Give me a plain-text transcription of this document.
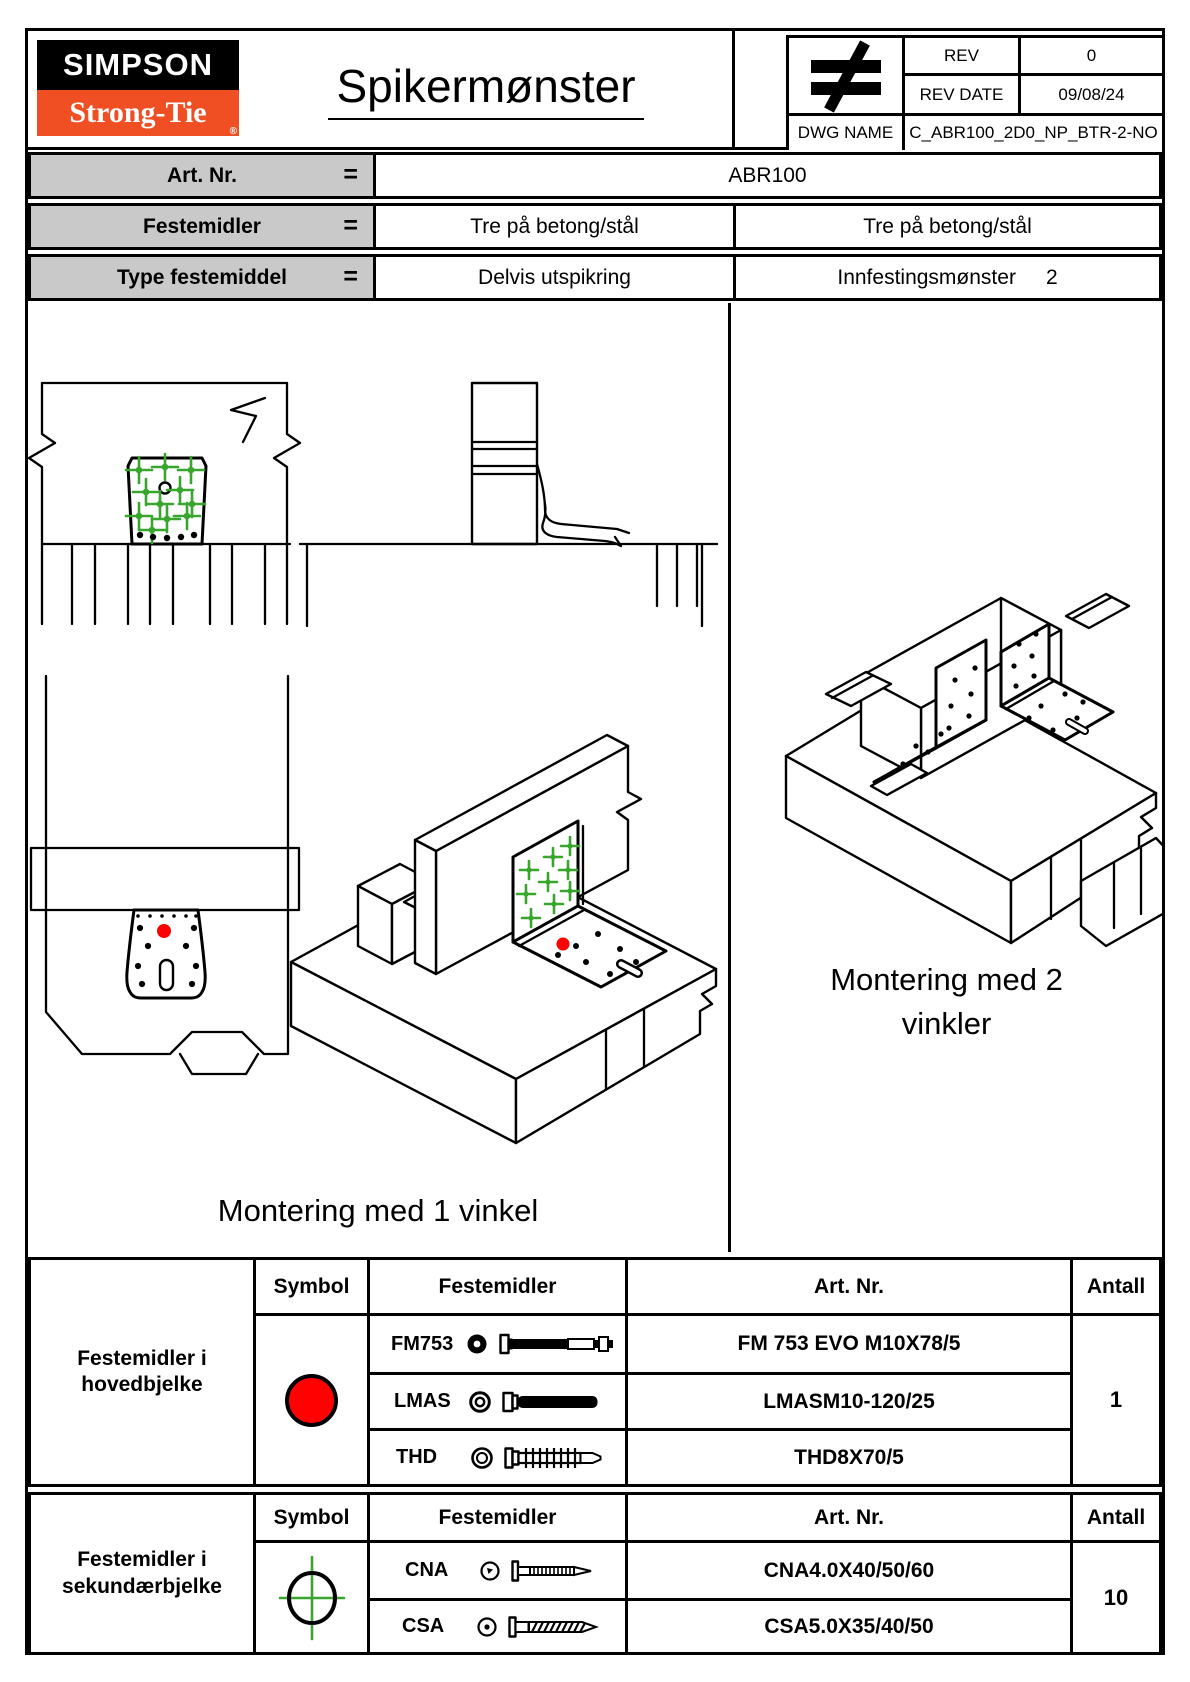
SIMPSON
Strong-Tie
®
Spikermønster
REV	0
REV DATE	09/08/24
DWG NAME C_ABR100_2D0_NP_BTR-2-NO
Art. Nr.	=	ABR100
Festemidler	=	Tre på betong/stål	Tre på betong/stål
Type festemiddel =	Delvis utspikring	Innfestingsmønster 2
Montering med 1 vinkel
Montering med 2
vinkler
Festemidler i
hovedbjelke
Symbol	Festemidler	Art. Nr.	Antall
FM753	FM 753 EVO M10X78/5
LMAS	LMASM10-120/25
THD	THD8X70/5
1
Festemidler i
sekundærbjelke
Symbol	Festemidler	Art. Nr.	Antall
CNA	CNA4.0X40/50/60
CSA	CSA5.0X35/40/50
10
